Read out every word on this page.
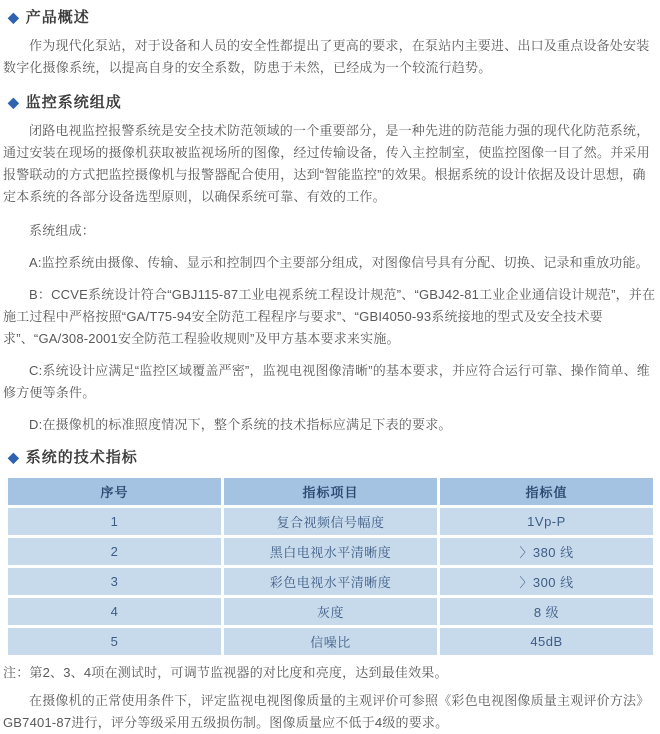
◆ 产品概述

作为现代化泵站，对于设备和人员的安全性都提出了更高的要求，在泵站内主要进、出口及重点设备处安装数字化摄像系统，以提高自身的安全系数，防患于未然，已经成为一个较流行趋势。

◆ 监控系统组成

闭路电视监控报警系统是安全技术防范领域的一个重要部分，是一种先进的防范能力强的现代化防范系统，通过安装在现场的摄像机获取被监视场所的图像，经过传输设备，传入主控制室，使监控图像一目了然。并采用报警联动的方式把监控摄像机与报警器配合使用，达到“智能监控”的效果。根据系统的设计依据及设计思想，确定本系统的各部分设备选型原则，以确保系统可靠、有效的工作。

系统组成：

A:监控系统由摄像、传输、显示和控制四个主要部分组成，对图像信号具有分配、切换、记录和重放功能。

B：CCVE系统设计符合“GBJ115-87工业电视系统工程设计规范”、“GBJ42-81工业企业通信设计规范”，并在施工过程中严格按照“GA/T75-94安全防范工程程序与要求”、“GBI4050-93系统接地的型式及安全技术要求”、“GA/308-2001安全防范工程验收规则”及甲方基本要求来实施。

C:系统设计应满足“监控区域覆盖严密”，监视电视图像清晰”的基本要求，并应符合运行可靠、操作简单、维修方便等条件。

D:在摄像机的标准照度情况下，整个系统的技术指标应满足下表的要求。

◆ 系统的技术指标
序号	指标项目	指标值
1	复合视频信号幅度	1Vp-P
2	黑白电视水平清晰度	〉380 线
3	彩色电视水平清晰度	〉300 线
4	灰度	8 级
5	信噪比	45dB

注：第2、3、4项在测试时，可调节监视器的对比度和亮度，达到最佳效果。

在摄像机的正常使用条件下，评定监视电视图像质量的主观评价可参照《彩色电视图像质量主观评价方法》GB7401-87进行，评分等级采用五级损伤制。图像质量应不低于4级的要求。
